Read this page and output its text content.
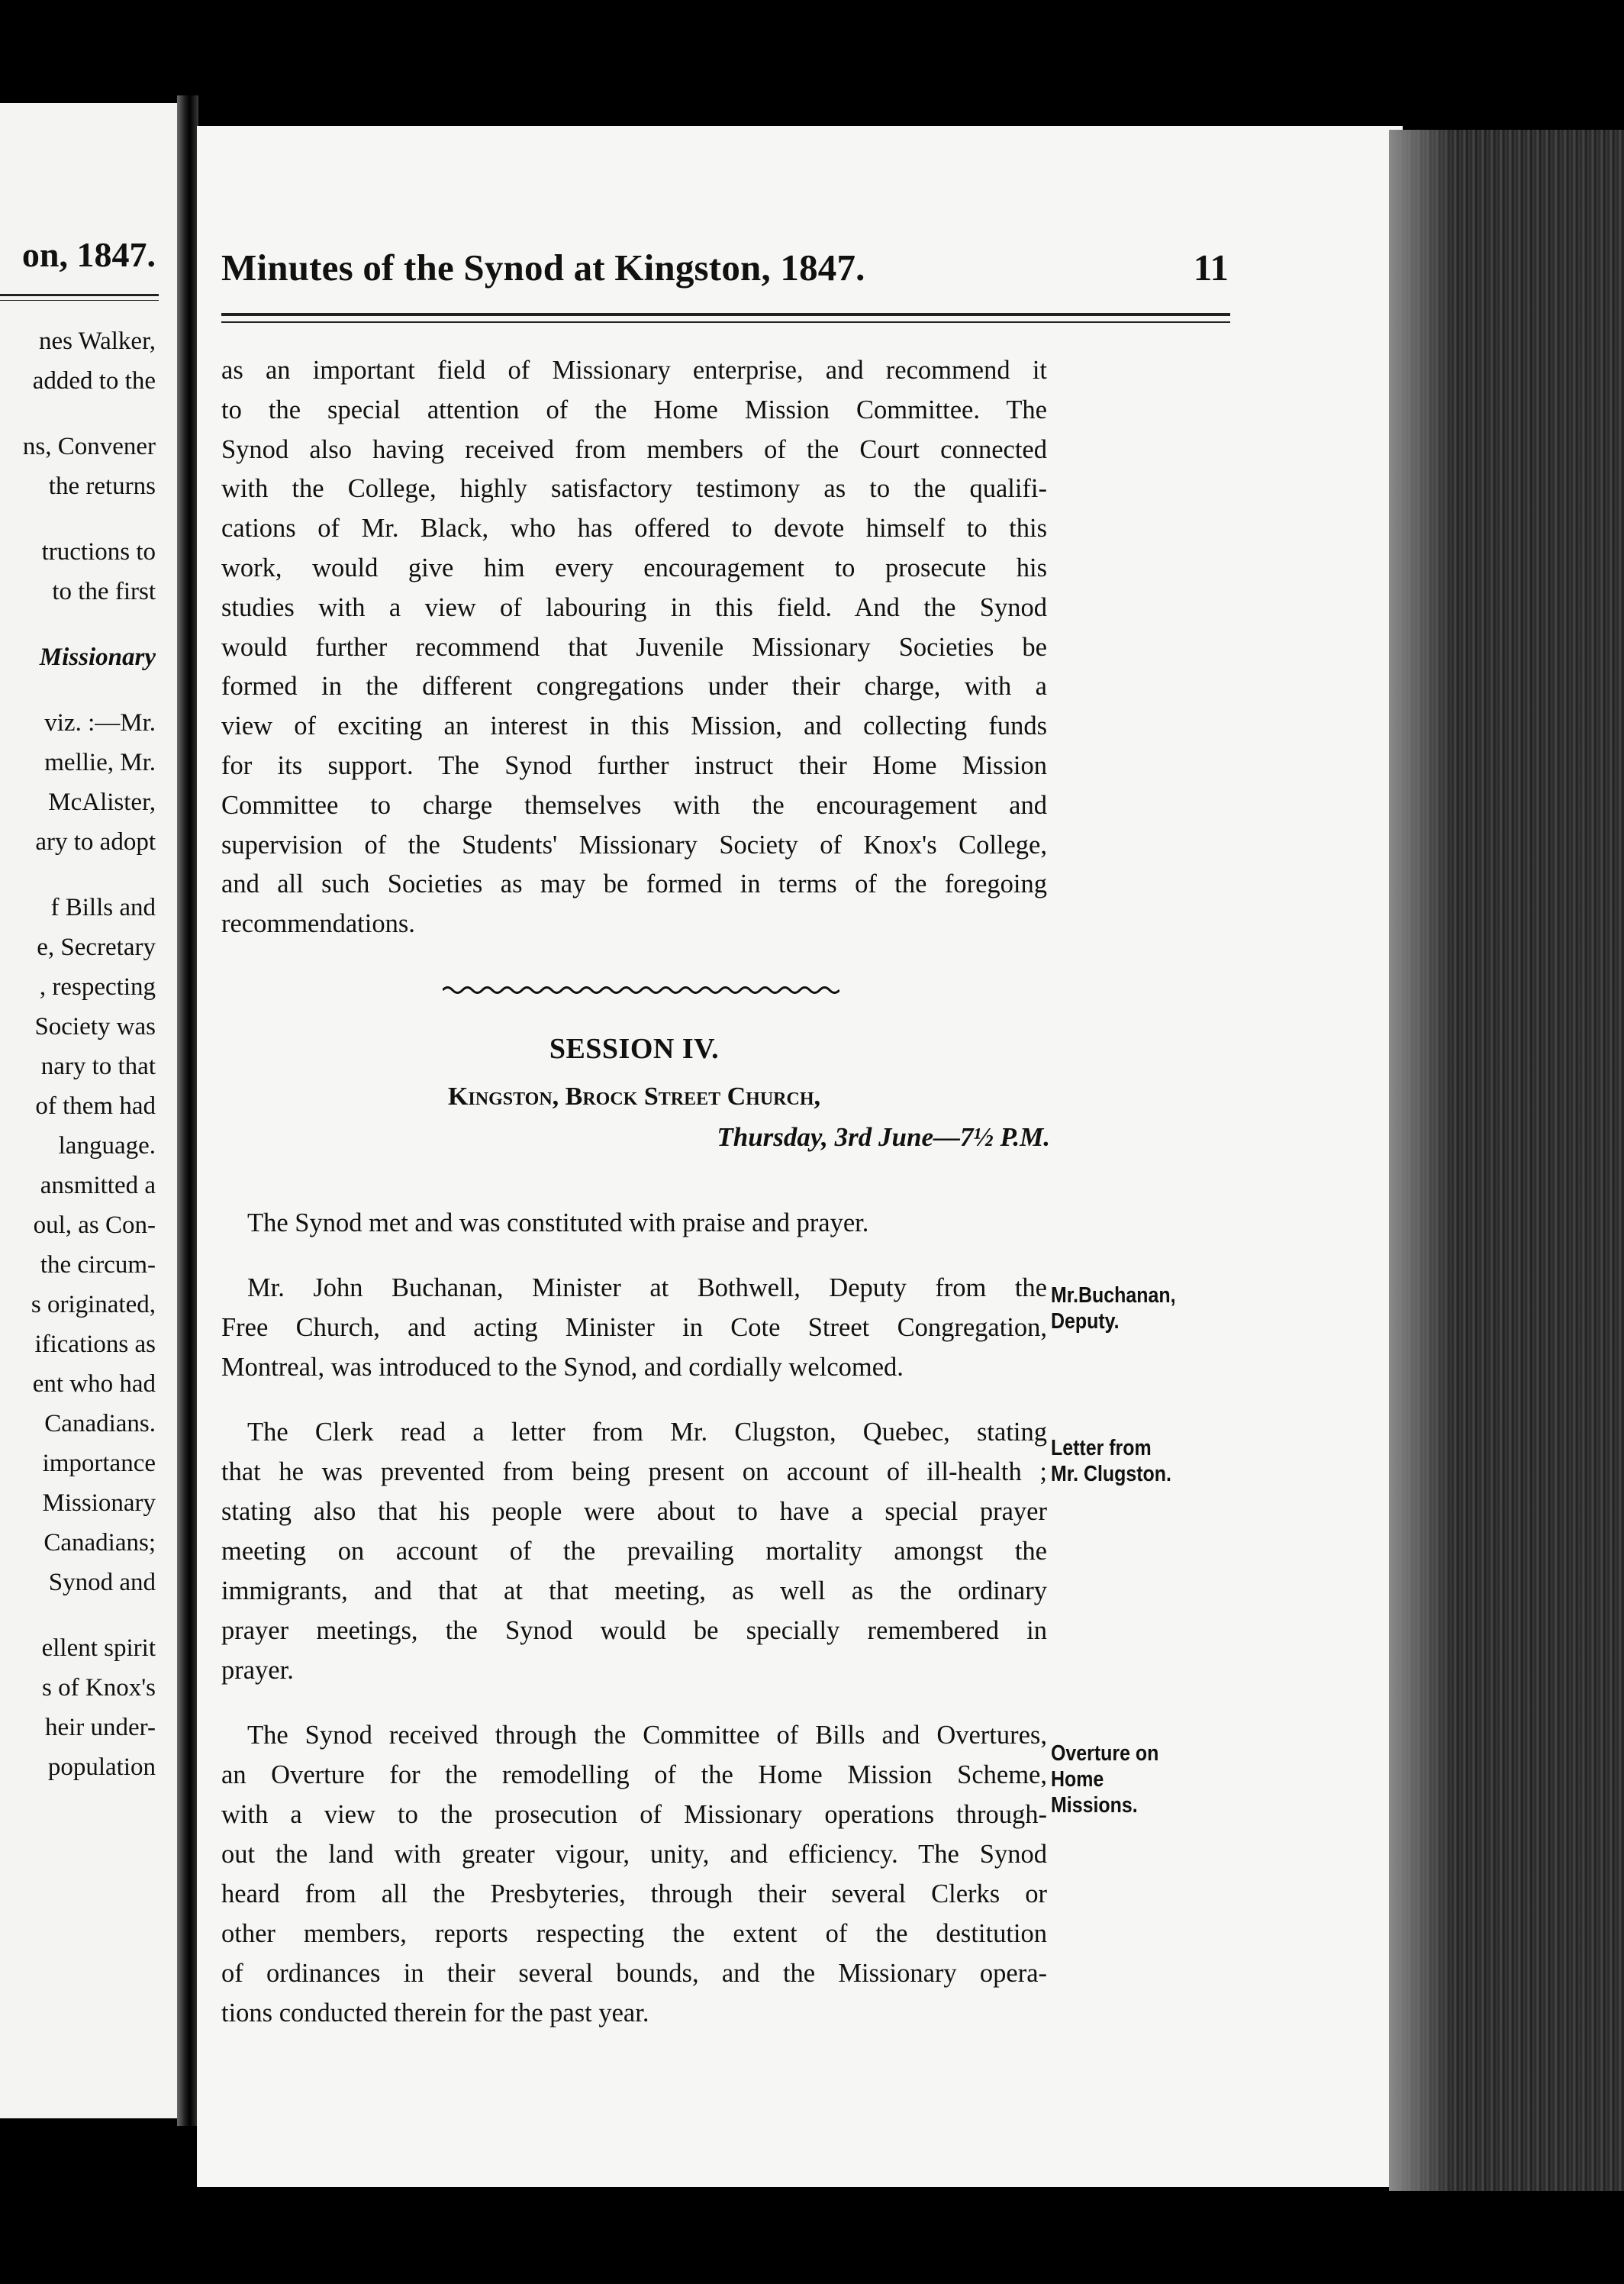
on, 1847.
nes Walker,
added to the
ns, Convener
the returns
tructions to
to the first
Missionary
viz. :—Mr.
mellie, Mr.
McAlister,
ary to adopt
f Bills and
e, Secretary
, respecting
Society was
nary to that
of them had
language.
ansmitted a
oul, as Con-
the circum-
s originated,
ifications as
ent who had
Canadians.
importance
Missionary
Canadians;
Synod and
ellent spirit
s of Knox's
heir under-
population
Minutes of the Synod at Kingston, 1847.	11
as an important field of Missionary enterprise, and recommend it
to the special attention of the Home Mission Committee. The
Synod also having received from members of the Court connected
with the College, highly satisfactory testimony as to the qualifi-
cations of Mr. Black, who has offered to devote himself to this
work, would give him every encouragement to prosecute his
studies with a view of labouring in this field. And the Synod
would further recommend that Juvenile Missionary Societies be
formed in the different congregations under their charge, with a
view of exciting an interest in this Mission, and collecting funds
for its support. The Synod further instruct their Home Mission
Committee to charge themselves with the encouragement and
supervision of the Students' Missionary Society of Knox's College,
and all such Societies as may be formed in terms of the foregoing
recommendations.
SESSION IV.
Kingston, Brock Street Church,
Thursday, 3rd June—7½ P.M.
The Synod met and was constituted with praise and prayer.
Mr. John Buchanan, Minister at Bothwell, Deputy from the
Free Church, and acting Minister in Cote Street Congregation,
Montreal, was introduced to the Synod, and cordially welcomed.
The Clerk read a letter from Mr. Clugston, Quebec, stating
that he was prevented from being present on account of ill-health ;
stating also that his people were about to have a special prayer
meeting on account of the prevailing mortality amongst the
immigrants, and that at that meeting, as well as the ordinary
prayer meetings, the Synod would be specially remembered in
prayer.
The Synod received through the Committee of Bills and Overtures,
an Overture for the remodelling of the Home Mission Scheme,
with a view to the prosecution of Missionary operations through-
out the land with greater vigour, unity, and efficiency. The Synod
heard from all the Presbyteries, through their several Clerks or
other members, reports respecting the extent of the destitution
of ordinances in their several bounds, and the Missionary opera-
tions conducted therein for the past year.
Mr.Buchanan,
Deputy.
Letter from
Mr. Clugston.
Overture on
Home
Missions.
